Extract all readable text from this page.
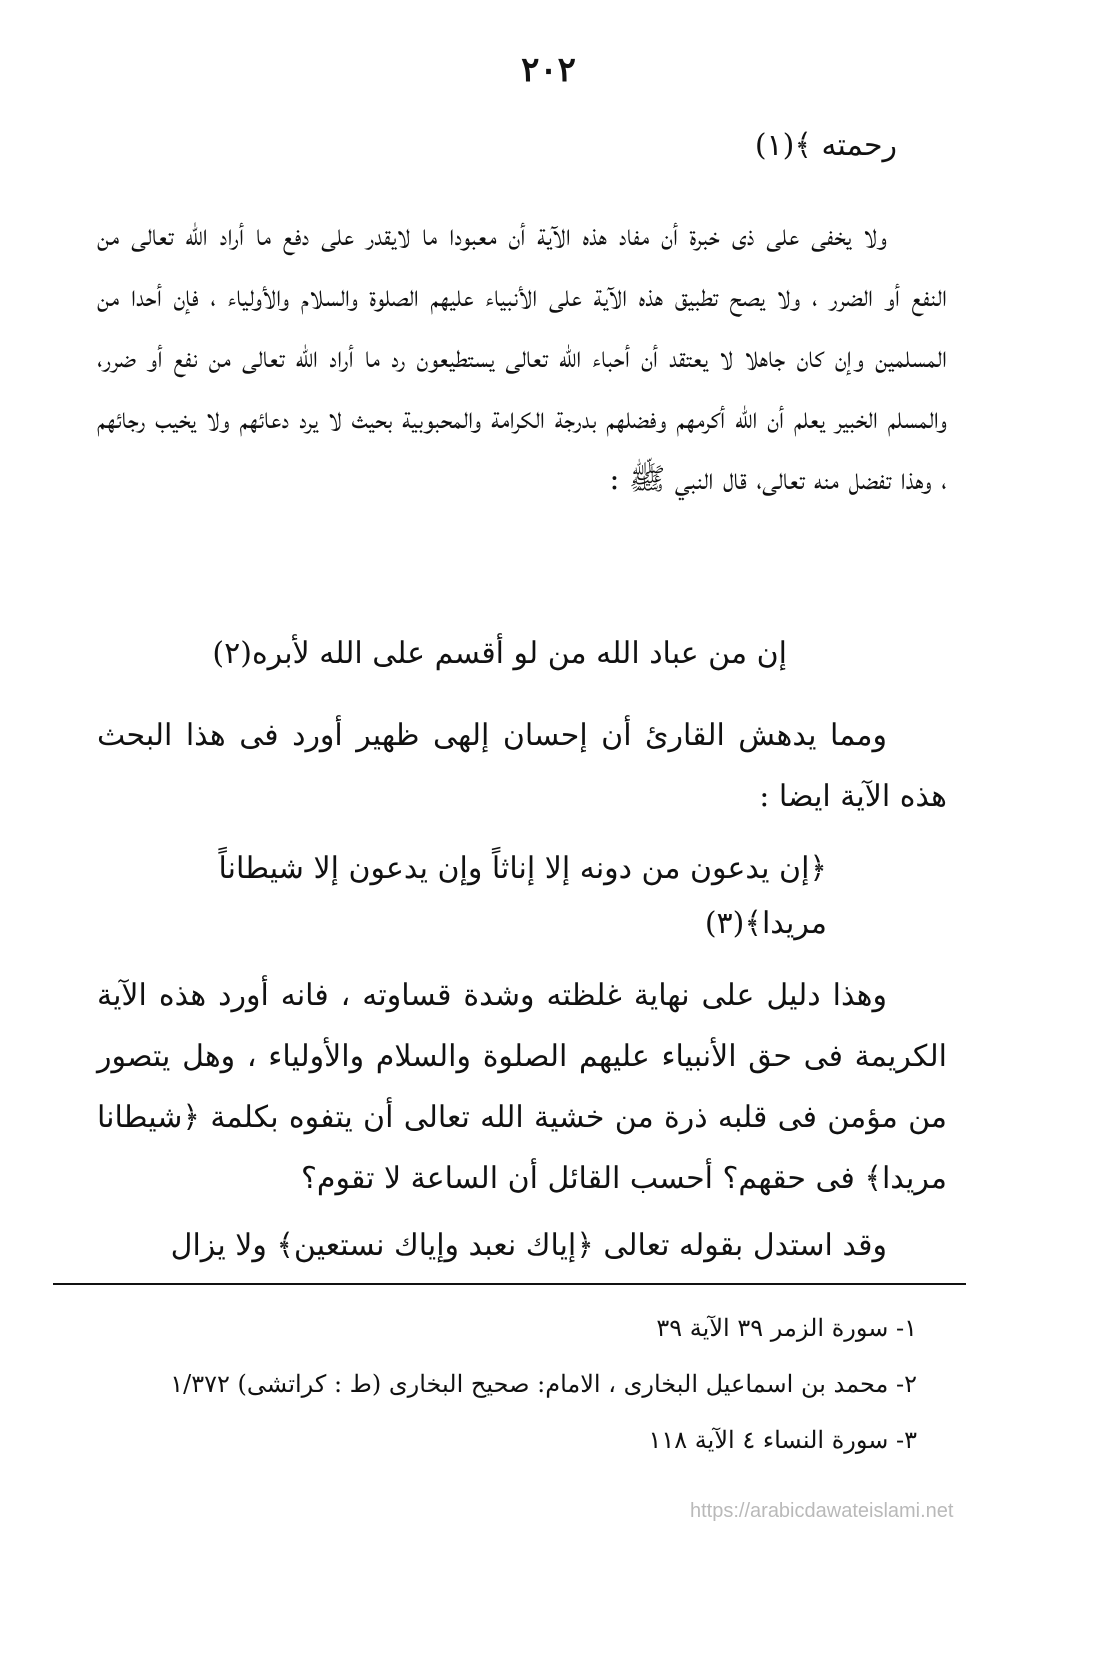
٢٠٢
رحمته ﴾(١)
ولا يخفى على ذى خبرة أن مفاد هذه الآية أن معبودا ما لايقدر على دفع ما أراد الله تعالى من النفع أو الضرر ، ولا يصح تطبيق هذه الآية على الأنبياء عليهم الصلوة والسلام والأولياء ، فإن أحدا من المسلمين وإن كان جاهلا لا يعتقد أن أحباء الله تعالى يستطيعون رد ما أراد الله تعالى من نفع أو ضرر، والمسلم الخبير يعلم أن الله أكرمهم وفضلهم بدرجة الكرامة والمحبوبية بحيث لا يرد دعائهم ولا يخيب رجائهم ، وهذا تفضل منه تعالى، قال النبي ﷺ :
إن من عباد الله من لو أقسم على الله لأبره(٢)
ومما يدهش القارئ أن إحسان إلهى ظهير أورد فى هذا البحث هذه الآية ايضا :
﴿إن يدعون من دونه إلا إناثاً وإن يدعون إلا شيطاناً
مريدا﴾(٣)
وهذا دليل على نهاية غلظته وشدة قساوته ، فانه أورد هذه الآية الكريمة فى حق الأنبياء عليهم الصلوة والسلام والأولياء ، وهل يتصور من مؤمن فى قلبه ذرة من خشية الله تعالى أن يتفوه بكلمة ﴿شيطانا مريدا﴾ فى حقهم؟ أحسب القائل أن الساعة لا تقوم؟
وقد استدل بقوله تعالى ﴿إياك نعبد وإياك نستعين﴾ ولا يزال
١- سورة الزمر ٣٩ الآية ٣٩
٢- محمد بن اسماعيل البخارى ، الامام: صحيح البخارى (ط : كراتشى) ١/٣٧٢
٣- سورة النساء ٤ الآية ١١٨
https://arabicdawateislami.net
